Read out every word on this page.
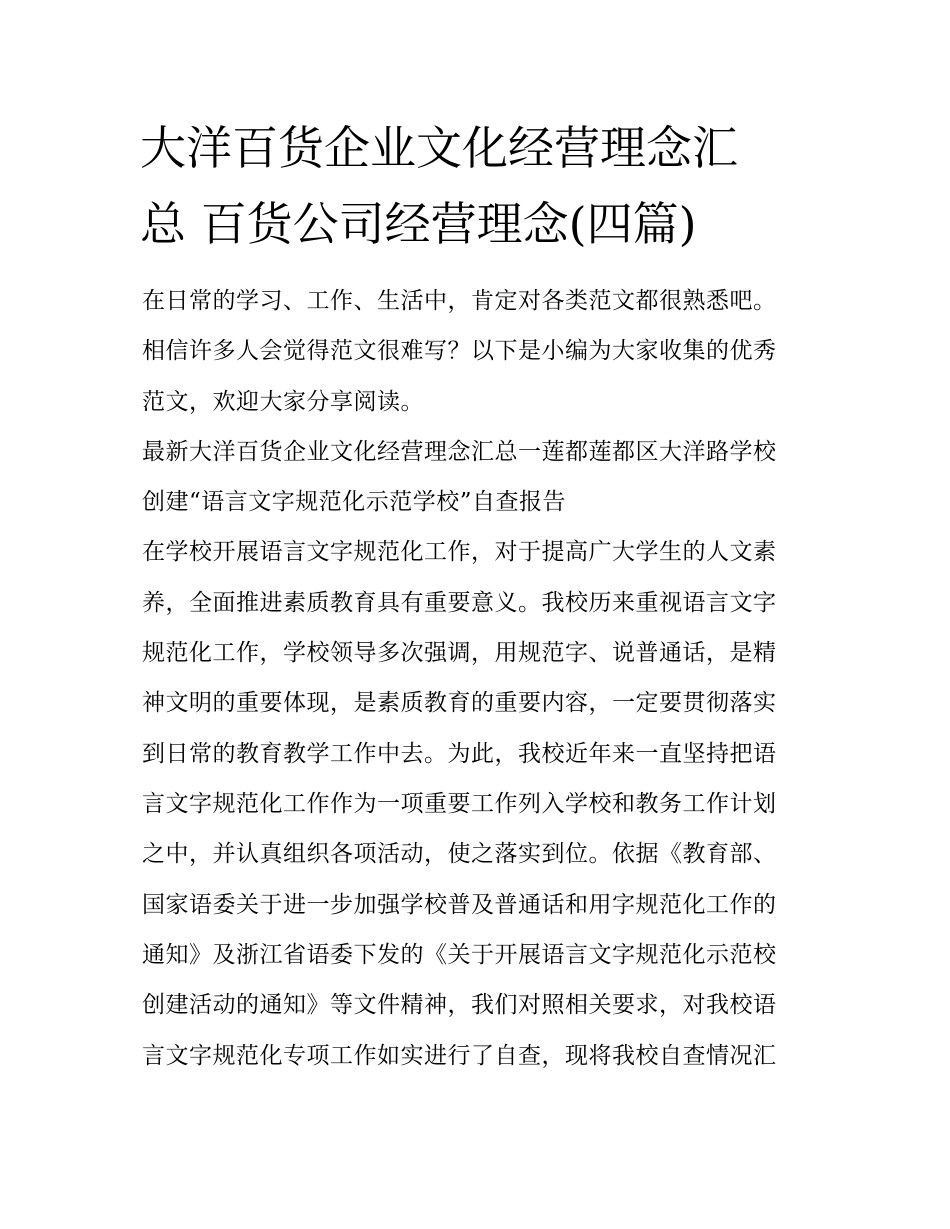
大洋百货企业文化经营理念汇
总 百货公司经营理念(四篇)
在日常的学习、工作、生活中，肯定对各类范文都很熟悉吧。
相信许多人会觉得范文很难写？以下是小编为大家收集的优秀
范文，欢迎大家分享阅读。
最新大洋百货企业文化经营理念汇总一莲都莲都区大洋路学校
创建“语言文字规范化示范学校”自查报告
在学校开展语言文字规范化工作，对于提高广大学生的人文素
养，全面推进素质教育具有重要意义。我校历来重视语言文字
规范化工作，学校领导多次强调，用规范字、说普通话，是精
神文明的重要体现，是素质教育的重要内容，一定要贯彻落实
到日常的教育教学工作中去。为此，我校近年来一直坚持把语
言文字规范化工作作为一项重要工作列入学校和教务工作计划
之中，并认真组织各项活动，使之落实到位。依据《教育部、
国家语委关于进一步加强学校普及普通话和用字规范化工作的
通知》及浙江省语委下发的《关于开展语言文字规范化示范校
创建活动的通知》等文件精神，我们对照相关要求，对我校语
言文字规范化专项工作如实进行了自查，现将我校自查情况汇
